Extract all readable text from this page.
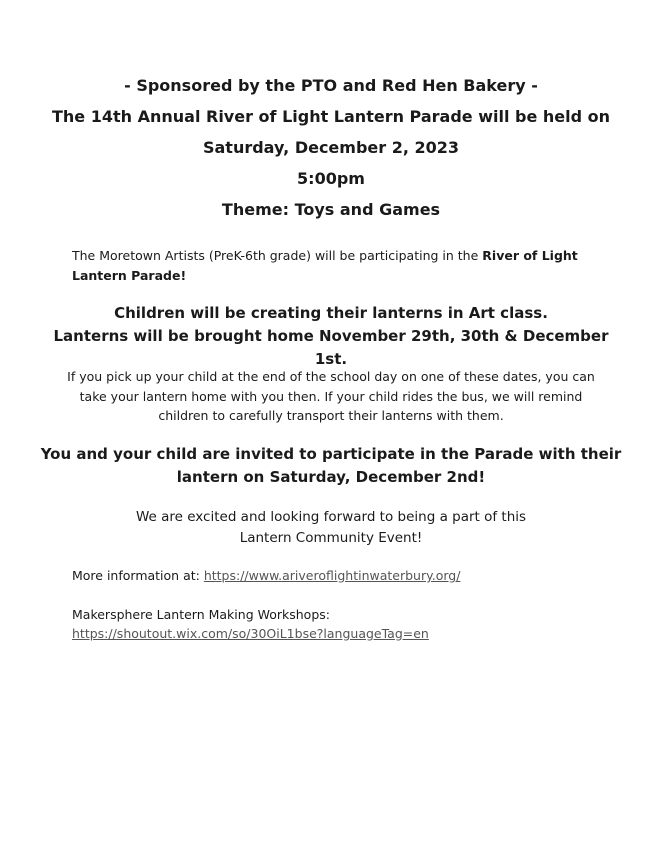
- Sponsored by the PTO and Red Hen Bakery -

The 14th Annual River of Light Lantern Parade will be held on

Saturday, December 2, 2023

5:00pm

Theme: Toys and Games

The Moretown Artists (PreK-6th grade) will be participating in the River of Light Lantern Parade!

Children will be creating their lanterns in Art class.
Lanterns will be brought home November 29th, 30th & December 1st.

If you pick up your child at the end of the school day on one of these dates, you can
take your lantern home with you then. If your child rides the bus, we will remind
children to carefully transport their lanterns with them.

You and your child are invited to participate in the Parade with their
lantern on Saturday, December 2nd!

We are excited and looking forward to being a part of this
Lantern Community Event!

More information at: https://www.ariveroflightinwaterbury.org/

Makersphere Lantern Making Workshops:
https://shoutout.wix.com/so/30OiL1bse?languageTag=en
